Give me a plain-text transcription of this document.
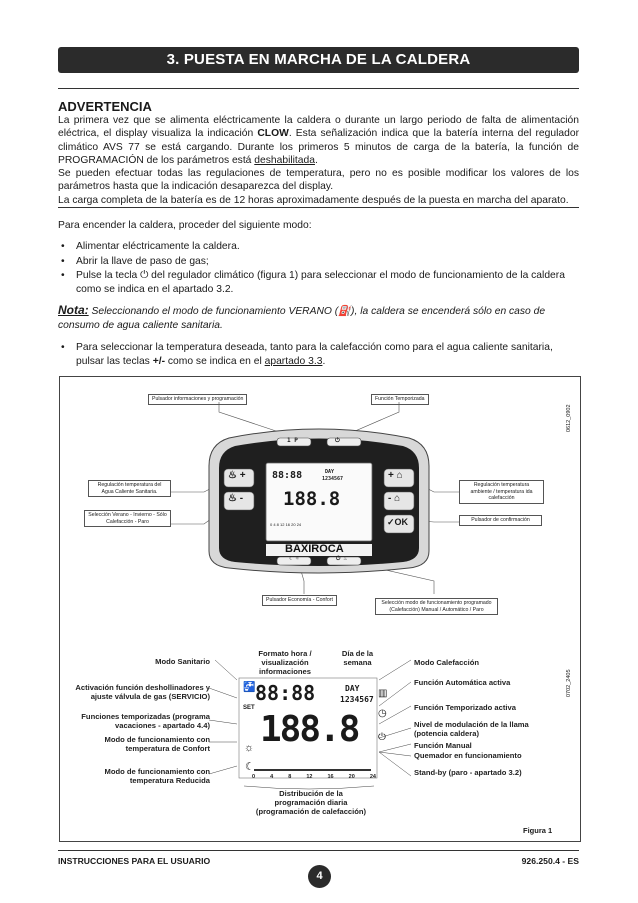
3. PUESTA EN MARCHA DE LA CALDERA
ADVERTENCIA
La primera vez que se alimenta eléctricamente la caldera o durante un largo periodo de falta de alimentación eléctrica, el display visualiza la indicación CLOW. Esta señalización indica que la batería interna del regulador climático AVS 77 se está cargando. Durante los primeros 5 minutos de carga de la batería, la función de PROGRAMACIÓN de los parámetros está deshabilitada.
Se pueden efectuar todas las regulaciones de temperatura, pero no es posible modificar los valores de los parámetros hasta que la indicación desaparezca del display.
La carga completa de la batería es de 12 horas aproximadamente después de la puesta en marcha del aparato.
Para encender la caldera, proceder del siguiente modo:
• Alimentar eléctricamente la caldera.
• Abrir la llave de paso de gas;
• Pulse la tecla ⏻ del regulador climático (figura 1) para seleccionar el modo de funcionamiento de la caldera como se indica en el apartado 3.2.
Nota: Seleccionando el modo de funcionamiento VERANO (⛽), la caldera se encenderá sólo en caso de consumo de agua caliente sanitaria.
• Para seleccionar la temperatura deseada, tanto para la calefacción como para el agua caliente sanitaria, pulsar las teclas +/- como se indica en el apartado 3.3.
Pulsador informaciones y programación	Función Temporizada
0612_0902
1 P	⏻
♨ +
♨ -
+ ⌂
- ⌂
✓OK
88:88	DAY
1234567
188.8
0 4 8 12 16 20 24
BAXIROCA
☾ ☼	⏻ ♨
Regulación temperatura del Agua Caliente Sanitaria.
Selección Verano - Invierno - Sólo Calefacción - Paro
Regulación temperatura ambiente / temperatura ida calefacción
Pulsador de confirmación
Pulsador Economía - Confort	Selección modo de funcionamiento programado (Calefacción) Manual / Automático / Paro
88:88	DAY
1234567
SET
188.8
0	4	8	12	16	20	24
🚰
☼
☾
▥
◷
⏻
Formato hora / visualización informaciones
Día de la semana
Modo Sanitario
Activación función deshollinadores y ajuste válvula de gas (SERVICIO)
Funciones temporizadas (programa vacaciones - apartado 4.4)
Modo de funcionamiento con temperatura de Confort
Modo de funcionamiento con temperatura Reducida
Modo Calefacción
Función Automática activa
Función Temporizado activa
Nivel de modulación de la llama (potencia caldera)
Función Manual
Quemador en funcionamiento
Stand-by (paro - apartado 3.2)
Distribución de la programación diaria (programación de calefacción)
0702_2405
Figura 1
INSTRUCCIONES PARA EL USUARIO
4
926.250.4 - ES
